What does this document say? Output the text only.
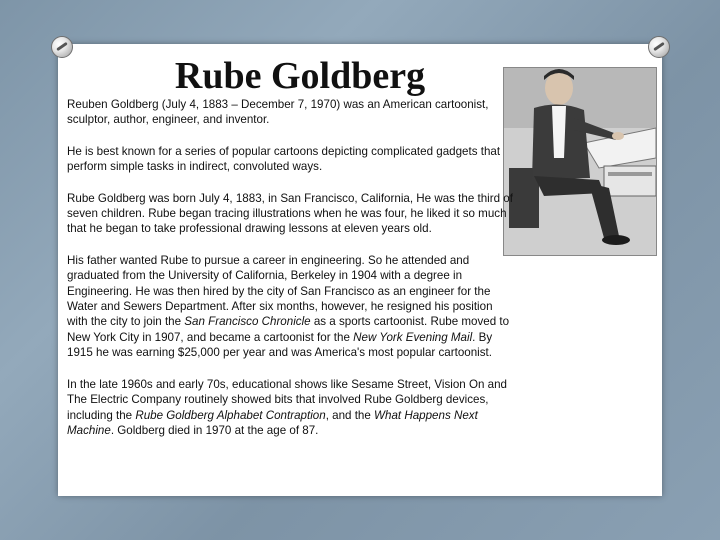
Rube Goldberg

Reuben Goldberg (July 4, 1883 – December 7, 1970) was an American cartoonist, sculptor, author, engineer, and inventor.

He is best known for a series of popular cartoons depicting complicated gadgets that perform simple tasks in indirect, convoluted ways.

Rube Goldberg was born July 4, 1883, in San Francisco, California, He was the third of seven children. Rube began tracing illustrations when he was four, he liked it so much that he began to take professional drawing lessons at eleven years old.

His father wanted Rube to pursue a career in engineering. So he attended and graduated from the University of California, Berkeley in 1904 with a degree in Engineering. He was then hired by the city of San Francisco as an engineer for the Water and Sewers Department. After six months, however, he resigned his position with the city to join the San Francisco Chronicle as a sports cartoonist. Rube moved to New York City in 1907, and became a cartoonist for the New York Evening Mail. By 1915 he was earning $25,000 per year and was America's most popular cartoonist.

In the late 1960s and early 70s, educational shows like Sesame Street, Vision On and The Electric Company routinely showed bits that involved Rube Goldberg devices, including the Rube Goldberg Alphabet Contraption, and the What Happens Next Machine. Goldberg died in 1970 at the age of 87.
